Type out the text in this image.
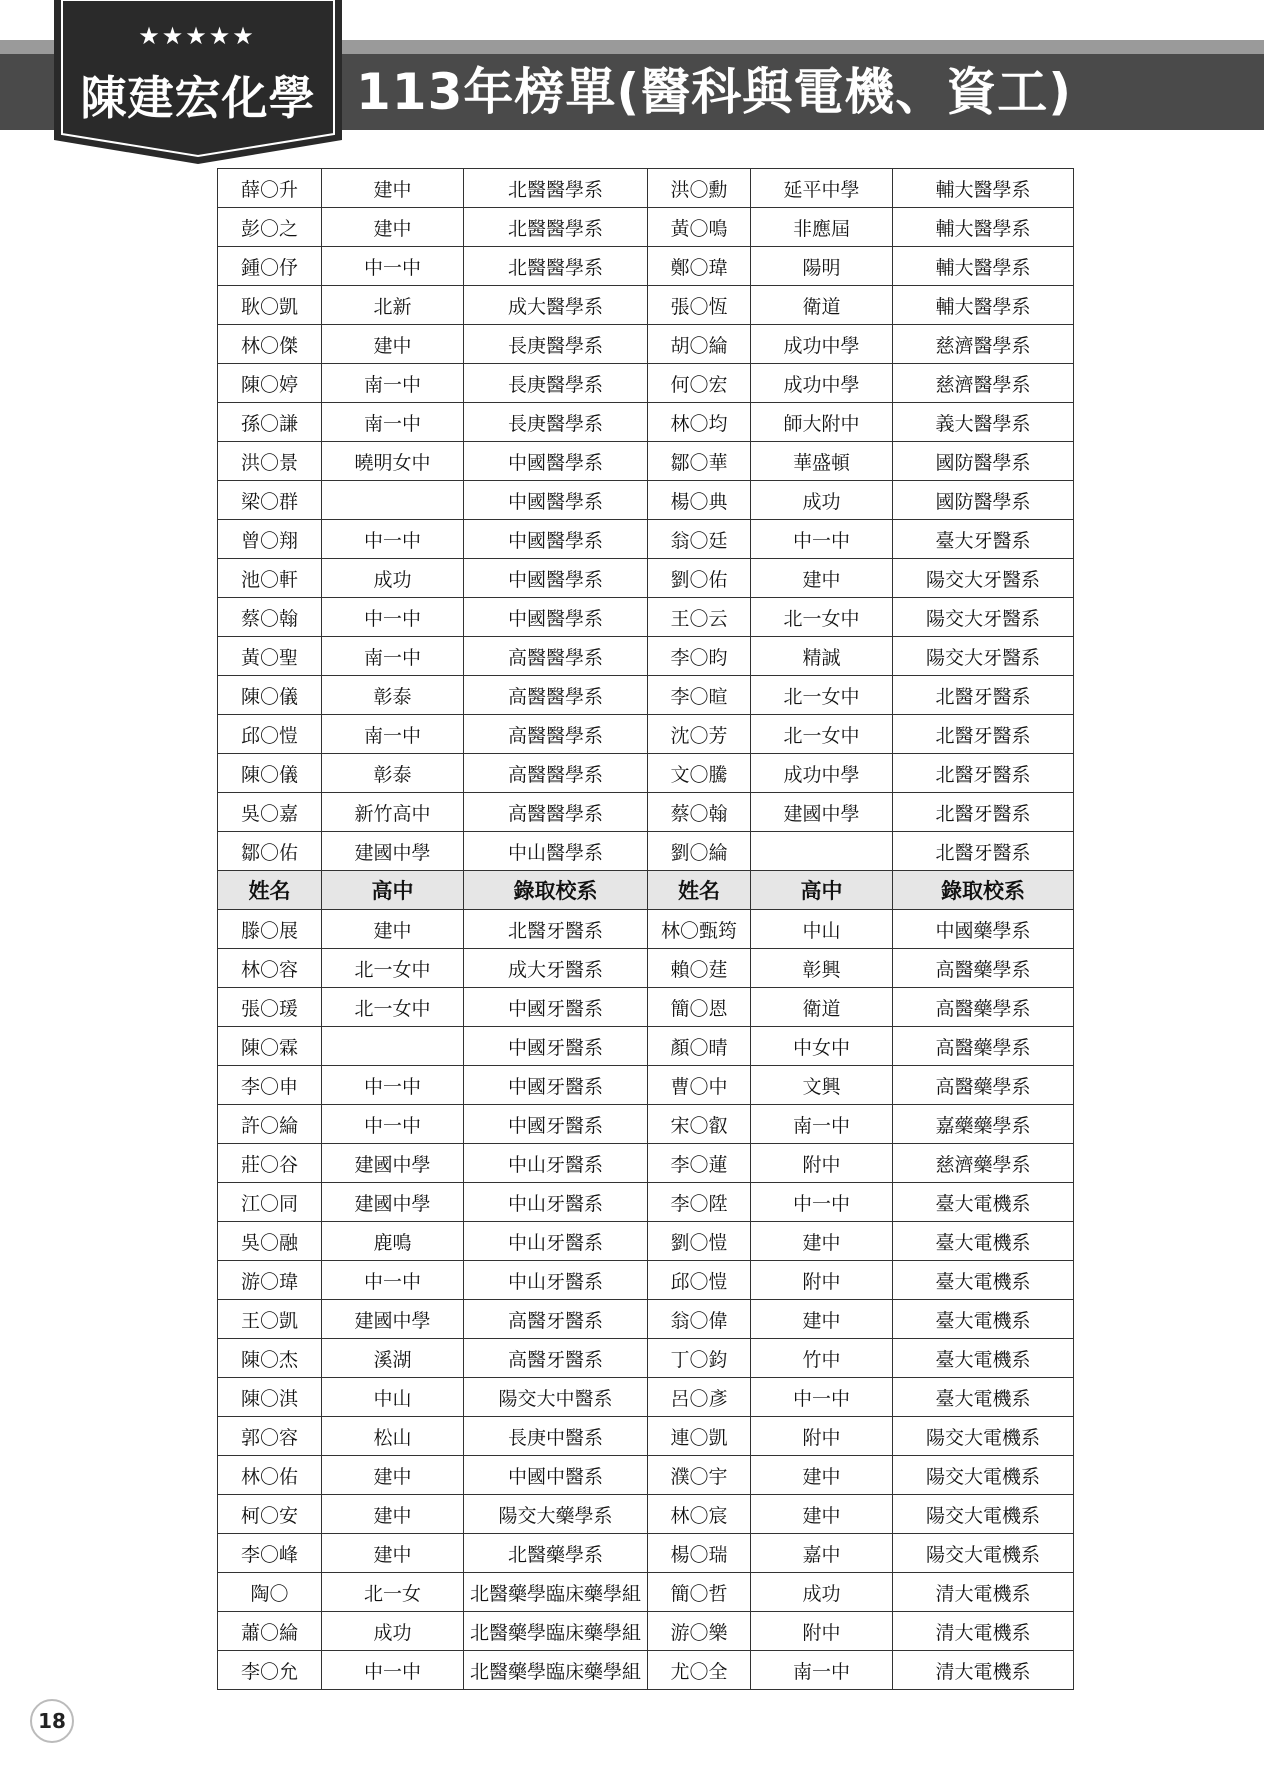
113年榜單(醫科與電機、資工)
★★★★★
陳建宏化學
薛〇升	建中	北醫醫學系	洪〇勳	延平中學	輔大醫學系
彭〇之	建中	北醫醫學系	黃〇鳴	非應屆	輔大醫學系
鍾〇伃	中一中	北醫醫學系	鄭〇瑋	陽明	輔大醫學系
耿〇凱	北新	成大醫學系	張〇恆	衛道	輔大醫學系
林〇傑	建中	長庚醫學系	胡〇綸	成功中學	慈濟醫學系
陳〇婷	南一中	長庚醫學系	何〇宏	成功中學	慈濟醫學系
孫〇謙	南一中	長庚醫學系	林〇均	師大附中	義大醫學系
洪〇景	曉明女中	中國醫學系	鄒〇華	華盛頓	國防醫學系
梁〇群		中國醫學系	楊〇典	成功	國防醫學系
曾〇翔	中一中	中國醫學系	翁〇廷	中一中	臺大牙醫系
池〇軒	成功	中國醫學系	劉〇佑	建中	陽交大牙醫系
蔡〇翰	中一中	中國醫學系	王〇云	北一女中	陽交大牙醫系
黃〇聖	南一中	高醫醫學系	李〇昀	精誠	陽交大牙醫系
陳〇儀	彰泰	高醫醫學系	李〇暄	北一女中	北醫牙醫系
邱〇愷	南一中	高醫醫學系	沈〇芳	北一女中	北醫牙醫系
陳〇儀	彰泰	高醫醫學系	文〇騰	成功中學	北醫牙醫系
吳〇嘉	新竹高中	高醫醫學系	蔡〇翰	建國中學	北醫牙醫系
鄒〇佑	建國中學	中山醫學系	劉〇綸		北醫牙醫系
姓名	高中	錄取校系	姓名	高中	錄取校系
滕〇展	建中	北醫牙醫系	林〇甄筠	中山	中國藥學系
林〇容	北一女中	成大牙醫系	賴〇莛	彰興	高醫藥學系
張〇瑗	北一女中	中國牙醫系	簡〇恩	衛道	高醫藥學系
陳〇霖		中國牙醫系	顏〇晴	中女中	高醫藥學系
李〇申	中一中	中國牙醫系	曹〇中	文興	高醫藥學系
許〇綸	中一中	中國牙醫系	宋〇叡	南一中	嘉藥藥學系
莊〇谷	建國中學	中山牙醫系	李〇蓮	附中	慈濟藥學系
江〇同	建國中學	中山牙醫系	李〇陞	中一中	臺大電機系
吳〇融	鹿鳴	中山牙醫系	劉〇愷	建中	臺大電機系
游〇瑋	中一中	中山牙醫系	邱〇愷	附中	臺大電機系
王〇凱	建國中學	高醫牙醫系	翁〇偉	建中	臺大電機系
陳〇杰	溪湖	高醫牙醫系	丁〇鈞	竹中	臺大電機系
陳〇淇	中山	陽交大中醫系	呂〇彥	中一中	臺大電機系
郭〇容	松山	長庚中醫系	連〇凱	附中	陽交大電機系
林〇佑	建中	中國中醫系	濮〇宇	建中	陽交大電機系
柯〇安	建中	陽交大藥學系	林〇宸	建中	陽交大電機系
李〇峰	建中	北醫藥學系	楊〇瑞	嘉中	陽交大電機系
陶〇	北一女	北醫藥學臨床藥學組	簡〇哲	成功	清大電機系
蕭〇綸	成功	北醫藥學臨床藥學組	游〇樂	附中	清大電機系
李〇允	中一中	北醫藥學臨床藥學組	尤〇全	南一中	清大電機系
18
